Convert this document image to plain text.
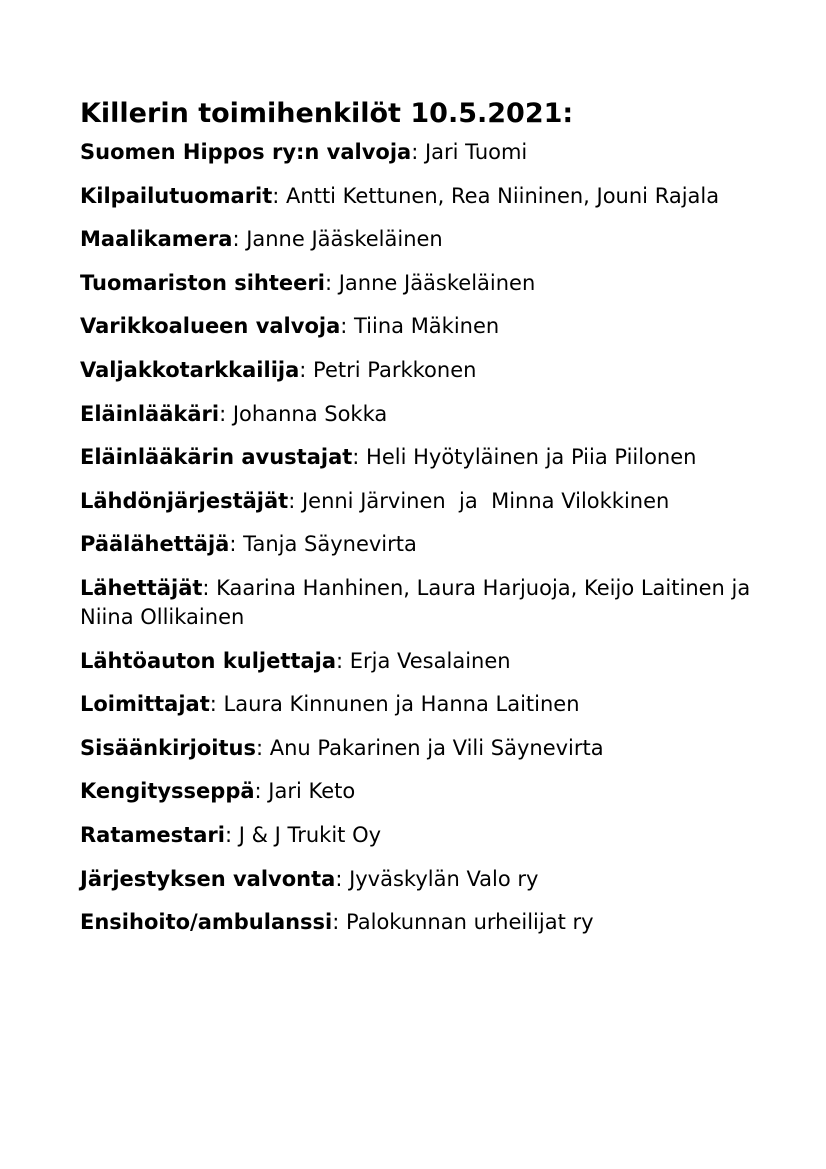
Killerin toimihenkilöt 10.5.2021:
Suomen Hippos ry:n valvoja: Jari Tuomi
Kilpailutuomarit: Antti Kettunen, Rea Niininen, Jouni Rajala
Maalikamera: Janne Jääskeläinen
Tuomariston sihteeri: Janne Jääskeläinen
Varikkoalueen valvoja: Tiina Mäkinen
Valjakkotarkkailija: Petri Parkkonen
Eläinlääkäri: Johanna Sokka
Eläinlääkärin avustajat: Heli Hyötyläinen ja Piia Piilonen
Lähdönjärjestäjät: Jenni Järvinen  ja  Minna Vilokkinen
Päälähettäjä: Tanja Säynevirta
Lähettäjät: Kaarina Hanhinen, Laura Harjuoja, Keijo Laitinen ja Niina Ollikainen
Lähtöauton kuljettaja: Erja Vesalainen
Loimittajat: Laura Kinnunen ja Hanna Laitinen
Sisäänkirjoitus: Anu Pakarinen ja Vili Säynevirta
Kengitysseppä: Jari Keto
Ratamestari: J & J Trukit Oy
Järjestyksen valvonta: Jyväskylän Valo ry
Ensihoito/ambulanssi: Palokunnan urheilijat ry
